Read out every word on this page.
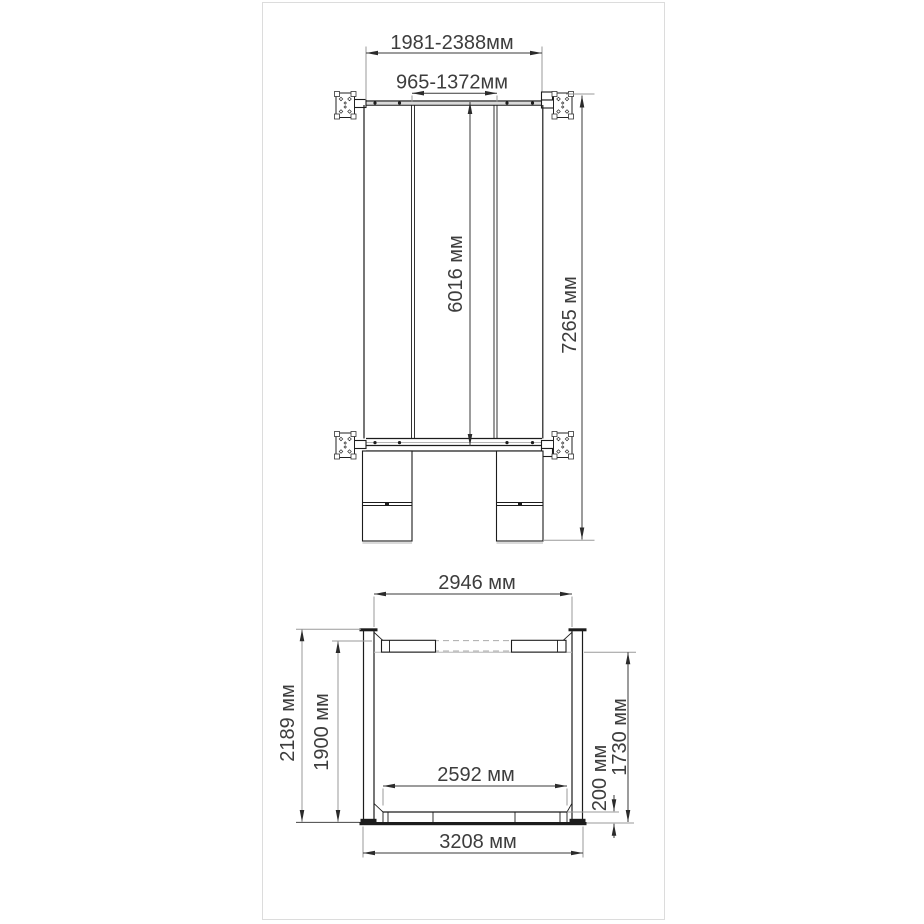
1981-2388мм
965-1372мм
6016 мм
7265 мм
2946 мм
2189 мм 1900 мм	1730 мм
200 мм
2592 мм
3208 мм
